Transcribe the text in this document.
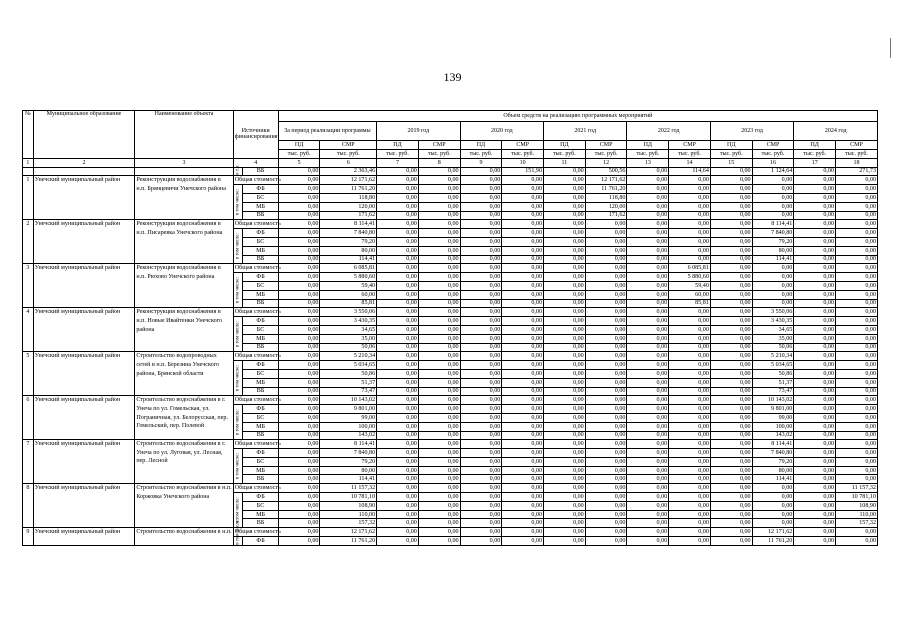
139
№	Муниципальное образование	Наименование объекта	Источники финансирования		Объем средств на реализацию программных мероприятий													
					За период реализации программы		2019 год		2020 год		2021 год		2022 год		2023 год		2024 год	
					ПД	СМР	ПД	СМР	ПД	СМР	ПД	СМР	ПД	СМР	ПД	СМР	ПД	СМР
					тыс. руб.	тыс. руб.	тыс. руб.	тыс. руб.	тыс. руб.	тыс. руб.	тыс. руб.	тыс. руб.	тыс. руб.	тыс. руб.	тыс. руб.	тыс. руб.	тыс. руб.	тыс. руб.
1	2	3	4		5	6	7	8	9	10	11	12	13	14	15	16	17	18
			в т.ч.	ВБ	0,00	2 363,46	0,00	0,00	0,00	151,90	0,00	500,56	0,00	114,64	0,00	1 124,64	0,00	271,73
1	Унечский муниципальный район	Реконструкция водоснабжения в н.п. Брянцевичи Унечского района	Общая стоимость		0,00	12 171,62	0,00	0,00	0,00	0,00	0,00	12 171,62	0,00	0,00	0,00	0,00	0,00	0,00
			в том числе:	ФБ	0,00	11 761,20	0,00	0,00	0,00	0,00	0,00	11 761,20	0,00	0,00	0,00	0,00	0,00	0,00
				БС	0,00	118,80	0,00	0,00	0,00	0,00	0,00	118,80	0,00	0,00	0,00	0,00	0,00	0,00
				МБ	0,00	120,00	0,00	0,00	0,00	0,00	0,00	120,00	0,00	0,00	0,00	0,00	0,00	0,00
				ВБ	0,00	171,62	0,00	0,00	0,00	0,00	0,00	171,62	0,00	0,00	0,00	0,00	0,00	0,00
2	Унечский муниципальный район	Реконструкция водоснабжения в н.п. Писаревка Унечского района	Общая стоимость		0,00	8 114,41	0,00	0,00	0,00	0,00	0,00	0,00	0,00	0,00	0,00	8 114,41	0,00	0,00
			в том числе:	ФБ	0,00	7 840,80	0,00	0,00	0,00	0,00	0,00	0,00	0,00	0,00	0,00	7 840,80	0,00	0,00
				БС	0,00	79,20	0,00	0,00	0,00	0,00	0,00	0,00	0,00	0,00	0,00	79,20	0,00	0,00
				МБ	0,00	80,00	0,00	0,00	0,00	0,00	0,00	0,00	0,00	0,00	0,00	80,00	0,00	0,00
				ВБ	0,00	114,41	0,00	0,00	0,00	0,00	0,00	0,00	0,00	0,00	0,00	114,41	0,00	0,00
3	Унечский муниципальный район	Реконструкция водоснабжения в н.п. Рюхово Унечского района	Общая стоимость		0,00	6 085,81	0,00	0,00	0,00	0,00	0,00	0,00	0,00	6 085,81	0,00	0,00	0,00	0,00
			в том числе:	ФБ	0,00	5 880,60	0,00	0,00	0,00	0,00	0,00	0,00	0,00	5 880,60	0,00	0,00	0,00	0,00
				БС	0,00	59,40	0,00	0,00	0,00	0,00	0,00	0,00	0,00	59,40	0,00	0,00	0,00	0,00
				МБ	0,00	60,00	0,00	0,00	0,00	0,00	0,00	0,00	0,00	60,00	0,00	0,00	0,00	0,00
				ВБ	0,00	85,81	0,00	0,00	0,00	0,00	0,00	0,00	0,00	85,81	0,00	0,00	0,00	0,00
4	Унечский муниципальный район	Реконструкция водоснабжения в н.п. Новые Ивайтенки Унечского района	Общая стоимость		0,00	3 550,06	0,00	0,00	0,00	0,00	0,00	0,00	0,00	0,00	0,00	3 550,06	0,00	0,00
			в том числе:	ФБ	0,00	3 430,35	0,00	0,00	0,00	0,00	0,00	0,00	0,00	0,00	0,00	3 430,35	0,00	0,00
				БС	0,00	34,65	0,00	0,00	0,00	0,00	0,00	0,00	0,00	0,00	0,00	34,65	0,00	0,00
				МБ	0,00	35,00	0,00	0,00	0,00	0,00	0,00	0,00	0,00	0,00	0,00	35,00	0,00	0,00
				ВБ	0,00	50,06	0,00	0,00	0,00	0,00	0,00	0,00	0,00	0,00	0,00	50,06	0,00	0,00
5	Унечский муниципальный район	Строительство водопроводных сетей в н.п. Березина Унечского района, Брянской области	Общая стоимость		0,00	5 210,34	0,00	0,00	0,00	0,00	0,00	0,00	0,00	0,00	0,00	5 210,34	0,00	0,00
			в том числе:	ФБ	0,00	5 034,65	0,00	0,00	0,00	0,00	0,00	0,00	0,00	0,00	0,00	5 034,65	0,00	0,00
				БС	0,00	50,86	0,00	0,00	0,00	0,00	0,00	0,00	0,00	0,00	0,00	50,86	0,00	0,00
				МБ	0,00	51,37	0,00	0,00	0,00	0,00	0,00	0,00	0,00	0,00	0,00	51,37	0,00	0,00
				ВБ	0,00	73,47	0,00	0,00	0,00	0,00	0,00	0,00	0,00	0,00	0,00	73,47	0,00	0,00
6	Унечский муниципальный район	Строительство водоснабжения в г. Унеча по ул. Гомельская, ул. Пограничная, ул. Белорусская, пер. Гомельский, пер. Полевой	Общая стоимость		0,00	10 143,02	0,00	0,00	0,00	0,00	0,00	0,00	0,00	0,00	0,00	10 143,02	0,00	0,00
			в том числе:	ФБ	0,00	9 801,00	0,00	0,00	0,00	0,00	0,00	0,00	0,00	0,00	0,00	9 801,00	0,00	0,00
				БС	0,00	99,00	0,00	0,00	0,00	0,00	0,00	0,00	0,00	0,00	0,00	99,00	0,00	0,00
				МБ	0,00	100,00	0,00	0,00	0,00	0,00	0,00	0,00	0,00	0,00	0,00	100,00	0,00	0,00
				ВБ	0,00	143,02	0,00	0,00	0,00	0,00	0,00	0,00	0,00	0,00	0,00	143,02	0,00	0,00
7	Унечский муниципальный район	Строительство водоснабжения в г. Унеча по ул. Луговая, ул. Лесная, пер. Лесной	Общая стоимость		0,00	8 114,41	0,00	0,00	0,00	0,00	0,00	0,00	0,00	0,00	0,00	8 114,41	0,00	0,00
			в том числе:	ФБ	0,00	7 840,80	0,00	0,00	0,00	0,00	0,00	0,00	0,00	0,00	0,00	7 840,80	0,00	0,00
				БС	0,00	79,20	0,00	0,00	0,00	0,00	0,00	0,00	0,00	0,00	0,00	79,20	0,00	0,00
				МБ	0,00	80,00	0,00	0,00	0,00	0,00	0,00	0,00	0,00	0,00	0,00	80,00	0,00	0,00
				ВБ	0,00	114,41	0,00	0,00	0,00	0,00	0,00	0,00	0,00	0,00	0,00	114,41	0,00	0,00
8	Унечский муниципальный район	Строительство водоснабжения в н.п. Коржовка Унечского района	Общая стоимость		0,00	11 157,32	0,00	0,00	0,00	0,00	0,00	0,00	0,00	0,00	0,00	0,00	0,00	11 157,32
			в том числе:	ФБ	0,00	10 781,10	0,00	0,00	0,00	0,00	0,00	0,00	0,00	0,00	0,00	0,00	0,00	10 781,10
				БС	0,00	108,90	0,00	0,00	0,00	0,00	0,00	0,00	0,00	0,00	0,00	0,00	0,00	108,90
				МБ	0,00	110,00	0,00	0,00	0,00	0,00	0,00	0,00	0,00	0,00	0,00	0,00	0,00	110,00
				ВБ	0,00	157,32	0,00	0,00	0,00	0,00	0,00	0,00	0,00	0,00	0,00	0,00	0,00	157,32
9	Унечский муниципальный район	Строительство водоснабжения в н.п.	Общая стоимость		0,00	12 171,62	0,00	0,00	0,00	0,00	0,00	0,00	0,00	0,00	0,00	12 171,62	0,00	0,00
			в том числе:	ФБ	0,00	11 761,20	0,00	0,00	0,00	0,00	0,00	0,00	0,00	0,00	0,00	11 761,20	0,00	0,00
